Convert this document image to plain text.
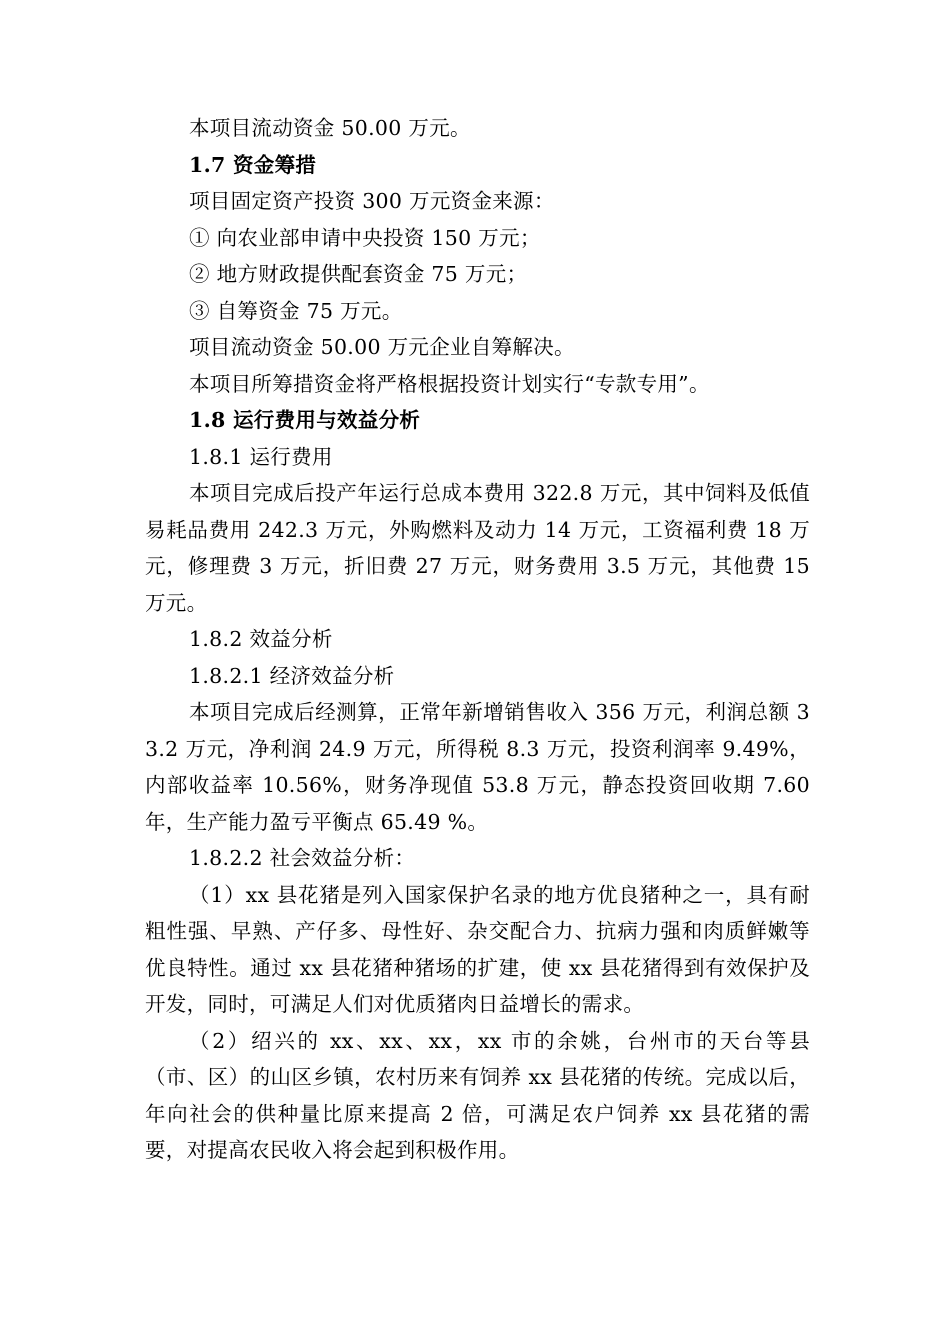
本项目流动资金 50.00 万元。

1.7 资金筹措

项目固定资产投资 300 万元资金来源：

① 向农业部申请中央投资 150 万元；

② 地方财政提供配套资金 75 万元；

③ 自筹资金 75 万元。

项目流动资金 50.00 万元企业自筹解决。

本项目所筹措资金将严格根据投资计划实行“专款专用”。

1.8 运行费用与效益分析

1.8.1 运行费用

本项目完成后投产年运行总成本费用 322.8 万元，其中饲料及低值易耗品费用 242.3 万元，外购燃料及动力 14 万元，工资福利费 18 万元，修理费 3 万元，折旧费 27 万元，财务费用 3.5 万元，其他费 15 万元。

1.8.2 效益分析

1.8.2.1 经济效益分析

本项目完成后经测算，正常年新增销售收入 356 万元，利润总额 33.2 万元，净利润 24.9 万元，所得税 8.3 万元，投资利润率 9.49%，内部收益率 10.56%，财务净现值 53.8 万元，静态投资回收期 7.60 年，生产能力盈亏平衡点 65.49 %。

1.8.2.2 社会效益分析：

（1）xx 县花猪是列入国家保护名录的地方优良猪种之一，具有耐粗性强、早熟、产仔多、母性好、杂交配合力、抗病力强和肉质鲜嫩等优良特性。通过 xx 县花猪种猪场的扩建，使 xx 县花猪得到有效保护及开发，同时，可满足人们对优质猪肉日益增长的需求。

（2）绍兴的 xx、xx、xx，xx 市的余姚，台州市的天台等县（市、区）的山区乡镇，农村历来有饲养 xx 县花猪的传统。完成以后，年向社会的供种量比原来提高 2 倍，可满足农户饲养 xx 县花猪的需要，对提高农民收入将会起到积极作用。
